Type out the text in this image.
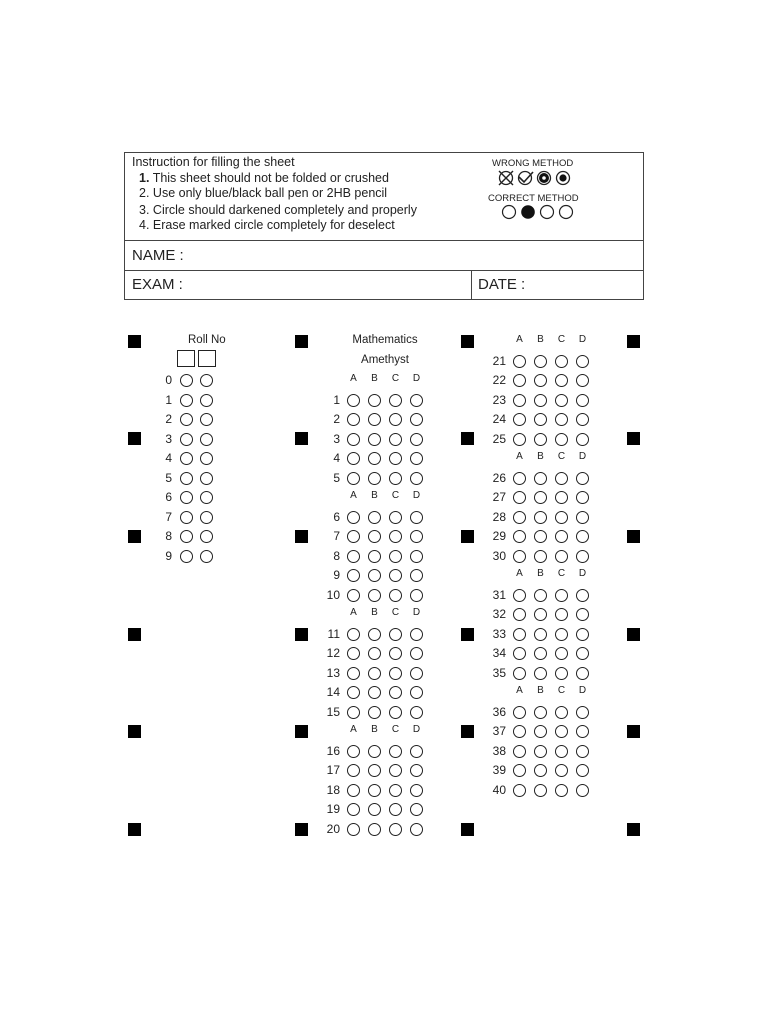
Instruction for filling the sheet
1. This sheet should not be folded or crushed
2. Use only blue/black ball pen or 2HB pencil
3. Circle should darkened completely and properly
4. Erase marked circle completely for deselect
WRONG METHOD
CORRECT METHOD
NAME :
EXAM :	DATE :
Roll No	Mathematics
Amethyst
0
1
2
3
4
5
6
7
8
9
A	B	C D
1
2
3
4
5
A	B	C D
6
7
8
9
10
A	B	C D
11
12
13
14
15
A	B	C D
16
17
18
19
20
A	B	C D
21
22
23
24
25
A	B	C D
26
27
28
29
30
A	B	C D
31
32
33
34
35
A	B	C D
36
37
38
39
40
